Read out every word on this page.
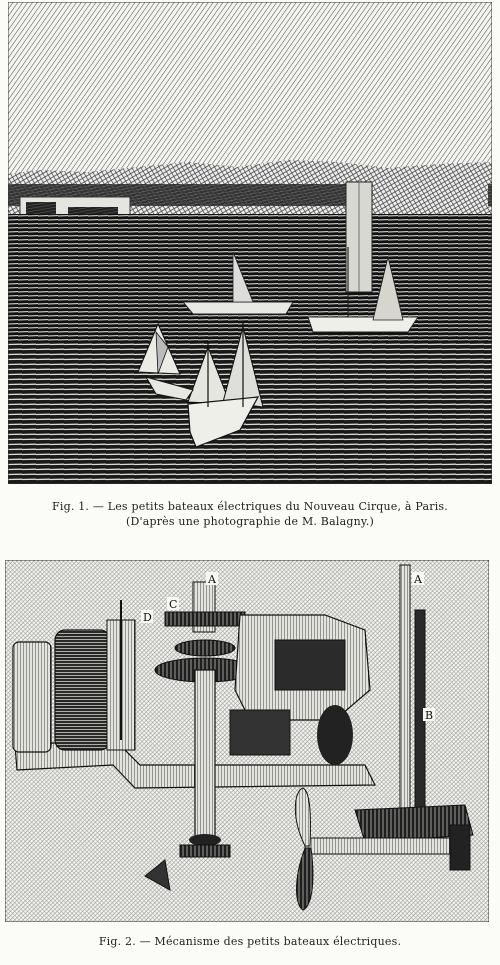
Fig. 1. — Les petits bateaux électriques du Nouveau Cirque, à Paris.
(D'après une photographie de M. Balagny.)
A
C
D
A
B
Fig. 2. — Mécanisme des petits bateaux électriques.
